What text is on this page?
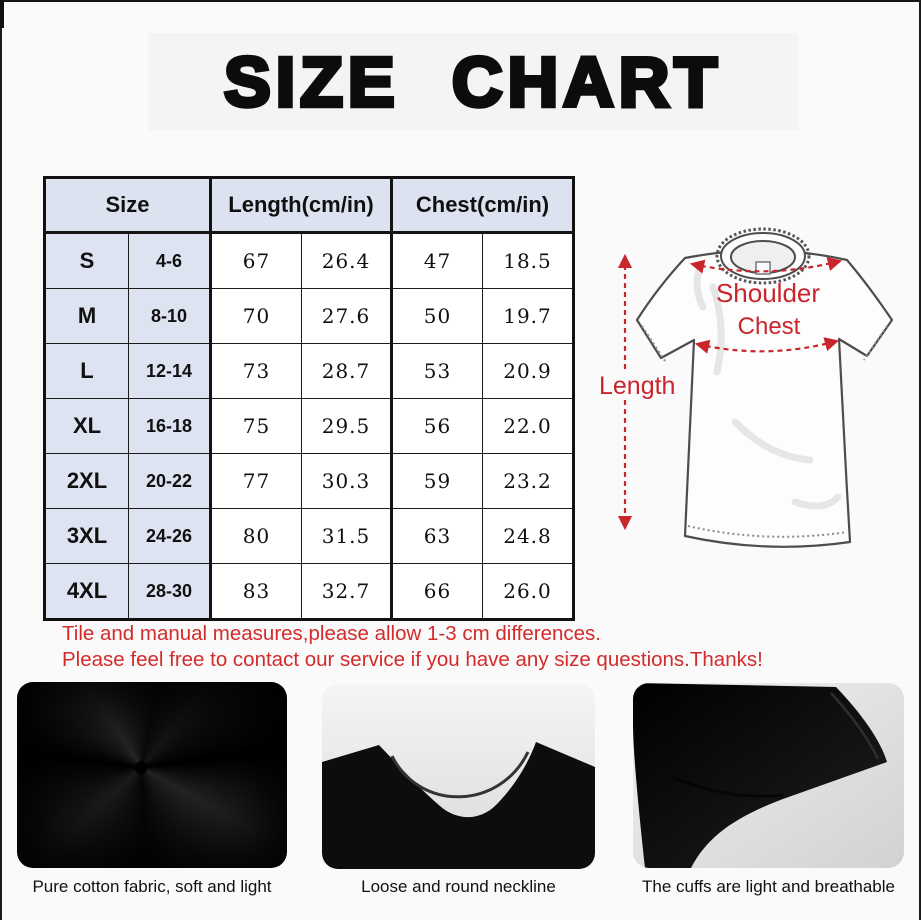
SIZE CHART
Size		Length(cm/in)		Chest(cm/in)	

S	4-6	67	26.4	47	18.5
M	8-10	70	27.6	50	19.7
L	12-14	73	28.7	53	20.9
XL	16-18	75	29.5	56	22.0
2XL	20-22	77	30.3	59	23.2
3XL	24-26	80	31.5	63	24.8
4XL	28-30	83	32.7	66	26.0
Length
Shoulder
Chest
Tile and manual measures,please allow 1-3 cm differences.
Please feel free to contact our service if you have any size questions.Thanks!
Pure cotton fabric, soft and light	Loose and round neckline	The cuffs are light and breathable
